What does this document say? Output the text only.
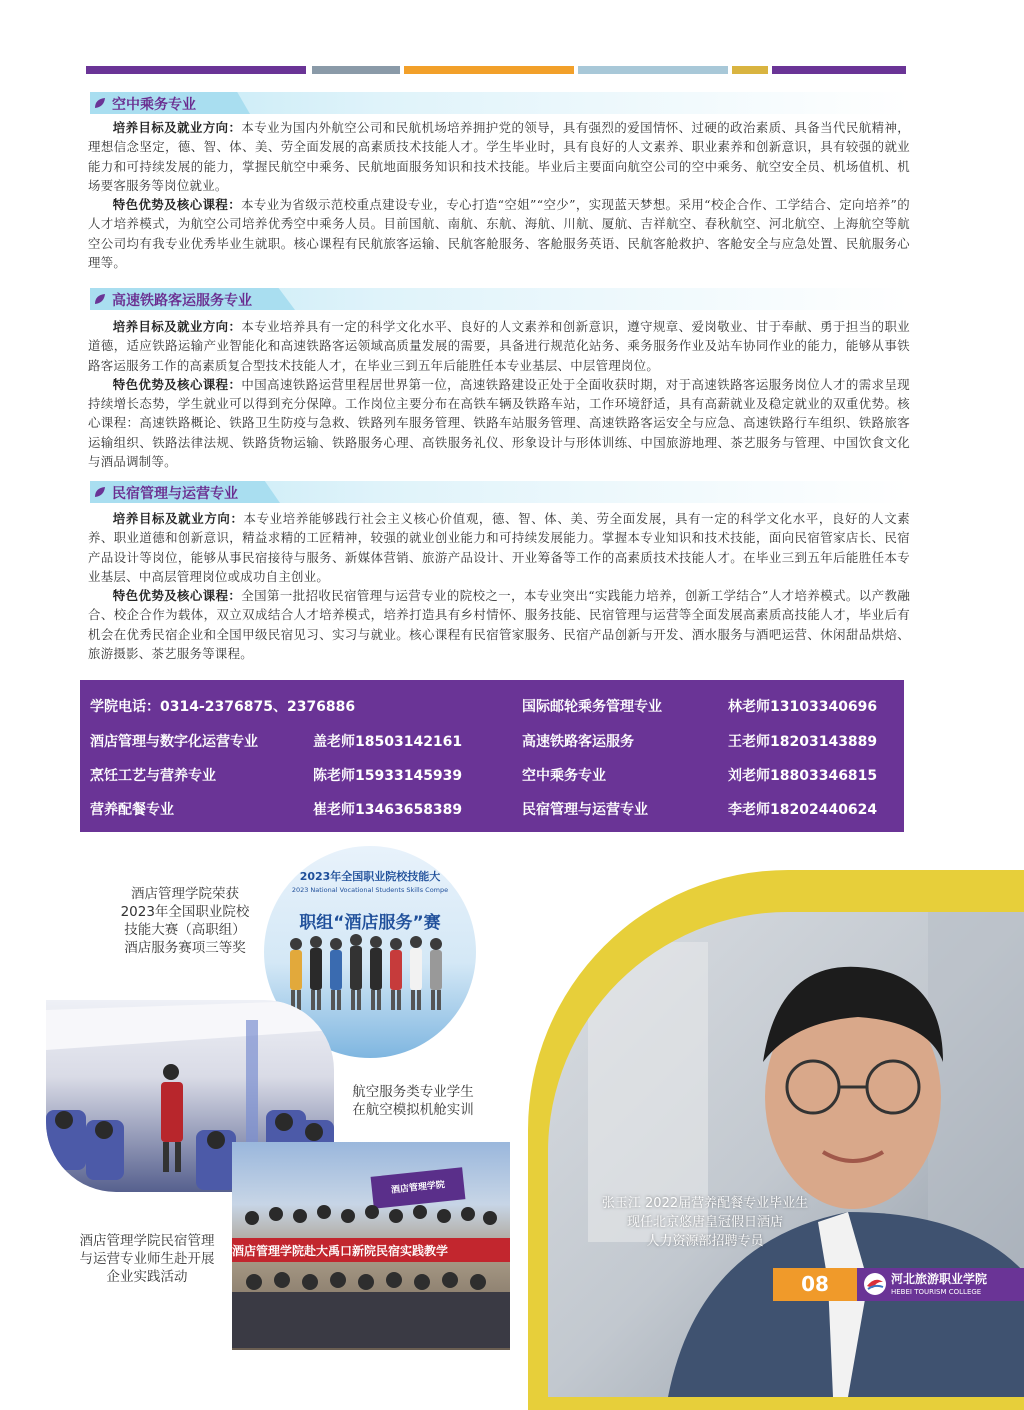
空中乘务专业
培养目标及就业方向：本专业为国内外航空公司和民航机场培养拥护党的领导，具有强烈的爱国情怀、过硬的政治素质、具备当代民航精神，理想信念坚定，德、智、体、美、劳全面发展的高素质技术技能人才。学生毕业时，具有良好的人文素养、职业素养和创新意识，具有较强的就业能力和可持续发展的能力，掌握民航空中乘务、民航地面服务知识和技术技能。毕业后主要面向航空公司的空中乘务、航空安全员、机场值机、机场要客服务等岗位就业。
特色优势及核心课程：本专业为省级示范校重点建设专业，专心打造“空姐”“空少”，实现蓝天梦想。采用“校企合作、工学结合、定向培养”的人才培养模式，为航空公司培养优秀空中乘务人员。目前国航、南航、东航、海航、川航、厦航、吉祥航空、春秋航空、河北航空、上海航空等航空公司均有我专业优秀毕业生就职。核心课程有民航旅客运输、民航客舱服务、客舱服务英语、民航客舱救护、客舱安全与应急处置、民航服务心理等。
高速铁路客运服务专业
培养目标及就业方向：本专业培养具有一定的科学文化水平、良好的人文素养和创新意识，遵守规章、爱岗敬业、甘于奉献、勇于担当的职业道德，适应铁路运输产业智能化和高速铁路客运领域高质量发展的需要，具备进行规范化站务、乘务服务作业及站车协同作业的能力，能够从事铁路客运服务工作的高素质复合型技术技能人才，在毕业三到五年后能胜任本专业基层、中层管理岗位。
特色优势及核心课程：中国高速铁路运营里程居世界第一位，高速铁路建设正处于全面收获时期，对于高速铁路客运服务岗位人才的需求呈现持续增长态势，学生就业可以得到充分保障。工作岗位主要分布在高铁车辆及铁路车站，工作环境舒适，具有高薪就业及稳定就业的双重优势。核心课程：高速铁路概论、铁路卫生防疫与急救、铁路列车服务管理、铁路车站服务管理、高速铁路客运安全与应急、高速铁路行车组织、铁路旅客运输组织、铁路法律法规、铁路货物运输、铁路服务心理、高铁服务礼仪、形象设计与形体训练、中国旅游地理、茶艺服务与管理、中国饮食文化与酒品调制等。
民宿管理与运营专业
培养目标及就业方向：本专业培养能够践行社会主义核心价值观，德、智、体、美、劳全面发展，具有一定的科学文化水平，良好的人文素养、职业道德和创新意识，精益求精的工匠精神，较强的就业创业能力和可持续发展能力。掌握本专业知识和技术技能，面向民宿管家店长、民宿产品设计等岗位，能够从事民宿接待与服务、新媒体营销、旅游产品设计、开业筹备等工作的高素质技术技能人才。在毕业三到五年后能胜任本专业基层、中高层管理岗位或成功自主创业。
特色优势及核心课程：全国第一批招收民宿管理与运营专业的院校之一，本专业突出“实践能力培养，创新工学结合”人才培养模式。以产教融合、校企合作为载体，双立双成结合人才培养模式，培养打造具有乡村情怀、服务技能、民宿管理与运营等全面发展高素质高技能人才，毕业后有机会在优秀民宿企业和全国甲级民宿见习、实习与就业。核心课程有民宿管家服务、民宿产品创新与开发、酒水服务与酒吧运营、休闲甜品烘焙、旅游摄影、茶艺服务等课程。
学院电话：0314-2376875、2376886	国际邮轮乘务管理专业	林老师13103340696
酒店管理与数字化运营专业	盖老师18503142161	高速铁路客运服务	王老师18203143889
烹饪工艺与营养专业	陈老师15933145939	空中乘务专业	刘老师18803346815
营养配餐专业	崔老师13463658389	民宿管理与运营专业	李老师18202440624
酒店管理学院荣获
2023年全国职业院校
技能大赛（高职组）
酒店服务赛项三等奖
2023年全国职业院校技能大
2023 National Vocational Students Skills Compe
职组“酒店服务”赛
航空服务类专业学生
在航空模拟机舱实训
酒店管理学院
酒店管理学院赴大禹口新院民宿实践教学
酒店管理学院民宿管理
与运营专业师生赴开展
企业实践活动
张玉江 2022届营养配餐专业毕业生
现任北京悠唐皇冠假日酒店
人力资源部招聘专员
08	河北旅游职业学院
HEBEI TOURISM COLLEGE
